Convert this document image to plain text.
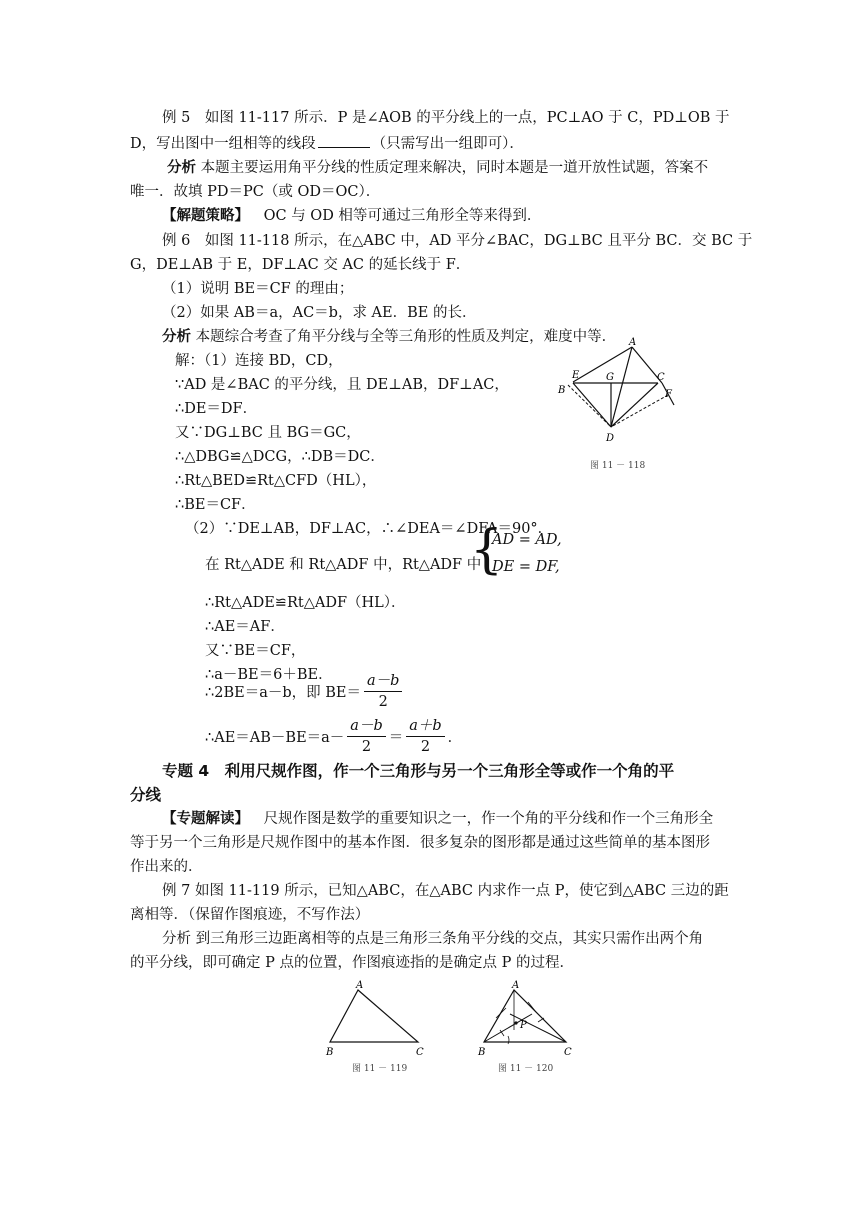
例 5　如图 11-117 所示．P 是∠AOB 的平分线上的一点，PC⊥AO 于 C，PD⊥OB 于
D，写出图中一组相等的线段	（只需写出一组即可）．
分析 本题主要运用角平分线的性质定理来解决，同时本题是一道开放性试题，答案不
唯一．故填 PD＝PC（或 OD＝OC）．
【解题策略】 OC 与 OD 相等可通过三角形全等来得到．
例 6　如图 11-118 所示，在△ABC 中，AD 平分∠BAC，DG⊥BC 且平分 BC．交 BC 于
G，DE⊥AB 于 E，DF⊥AC 交 AC 的延长线于 F．
（1）说明 BE＝CF 的理由；
（2）如果 AB＝a，AC＝b，求 AE．BE 的长．
分析 本题综合考查了角平分线与全等三角形的性质及判定，难度中等．
解：（1）连接 BD，CD，
∵AD 是∠BAC 的平分线，且 DE⊥AB，DF⊥AC，
∴DE＝DF．
又∵DG⊥BC 且 BG＝GC，
∴△DBG≌△DCG，∴DB＝DC．
∴Rt△BED≌Rt△CFD（HL），
∴BE＝CF．
（2）∵DE⊥AB，DF⊥AC，∴∠DEA＝∠DFA＝90°．
在 Rt△ADE 和 Rt△ADF 中，Rt△ADF 中
{
AD = AD,
DE = DF,
∴Rt△ADE≌Rt△ADF（HL）．
∴AE＝AF．
又∵BE＝CF，
∴a－BE＝6＋BE．
∴2BE＝a－b，即 $BE= \frac{a-b}{2}$
∴AE＝AB－BE＝a－ $\frac{a-b}{2} = \frac{a+b}{2}$ ．
A
B
E	G	C
F
D
图 11 － 118
专题 4　利用尺规作图，作一个三角形与另一个三角形全等或作一个角的平
分线
【专题解读】 尺规作图是数学的重要知识之一，作一个角的平分线和作一个三角形全
等于另一个三角形是尺规作图中的基本作图．很多复杂的图形都是通过这些简单的基本图形
作出来的．
例 7 如图 11-119 所示，已知△ABC，在△ABC 内求作一点 P，使它到△ABC 三边的距
离相等．（保留作图痕迹，不写作法）
分析 到三角形三边距离相等的点是三角形三条角平分线的交点，其实只需作出两个角
的平分线，即可确定 P 点的位置，作图痕迹指的是确定点 P 的过程．
A
B	C
图 11 － 119
A
B	C
P
图 11 － 120
